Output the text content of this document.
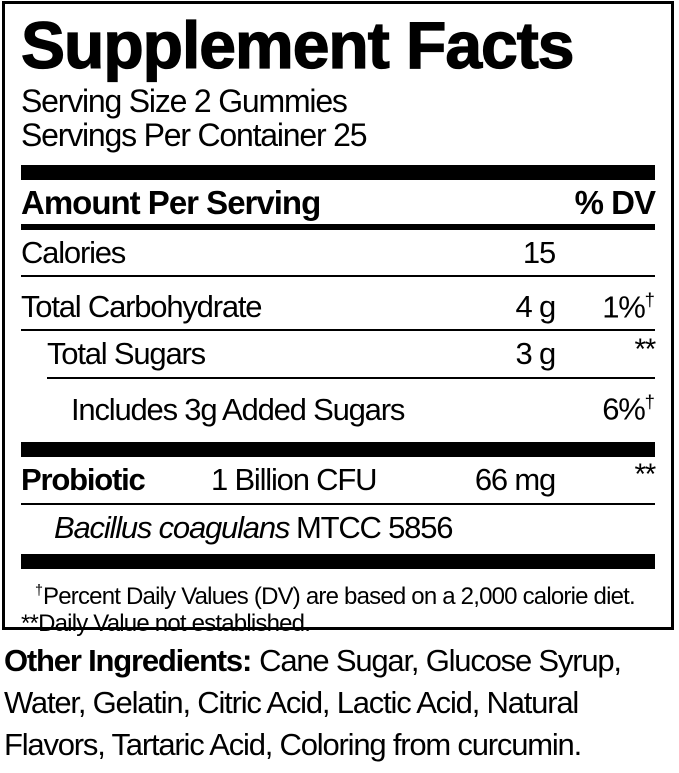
Supplement Facts
Serving Size 2 Gummies
Servings Per Container 25
Amount Per Serving	% DV
Calories	15
Total Carbohydrate	4 g	1%†
Total Sugars	3 g	**
Includes 3g Added Sugars	6%†
Probiotic	1 Billion CFU	66 mg	**
Bacillus coagulans MTCC 5856
†Percent Daily Values (DV) are based on a 2,000 calorie diet.
**Daily Value not established.
Other Ingredients: Cane Sugar, Glucose Syrup, Water, Gelatin, Citric Acid, Lactic Acid, Natural Flavors, Tartaric Acid, Coloring from curcumin.
